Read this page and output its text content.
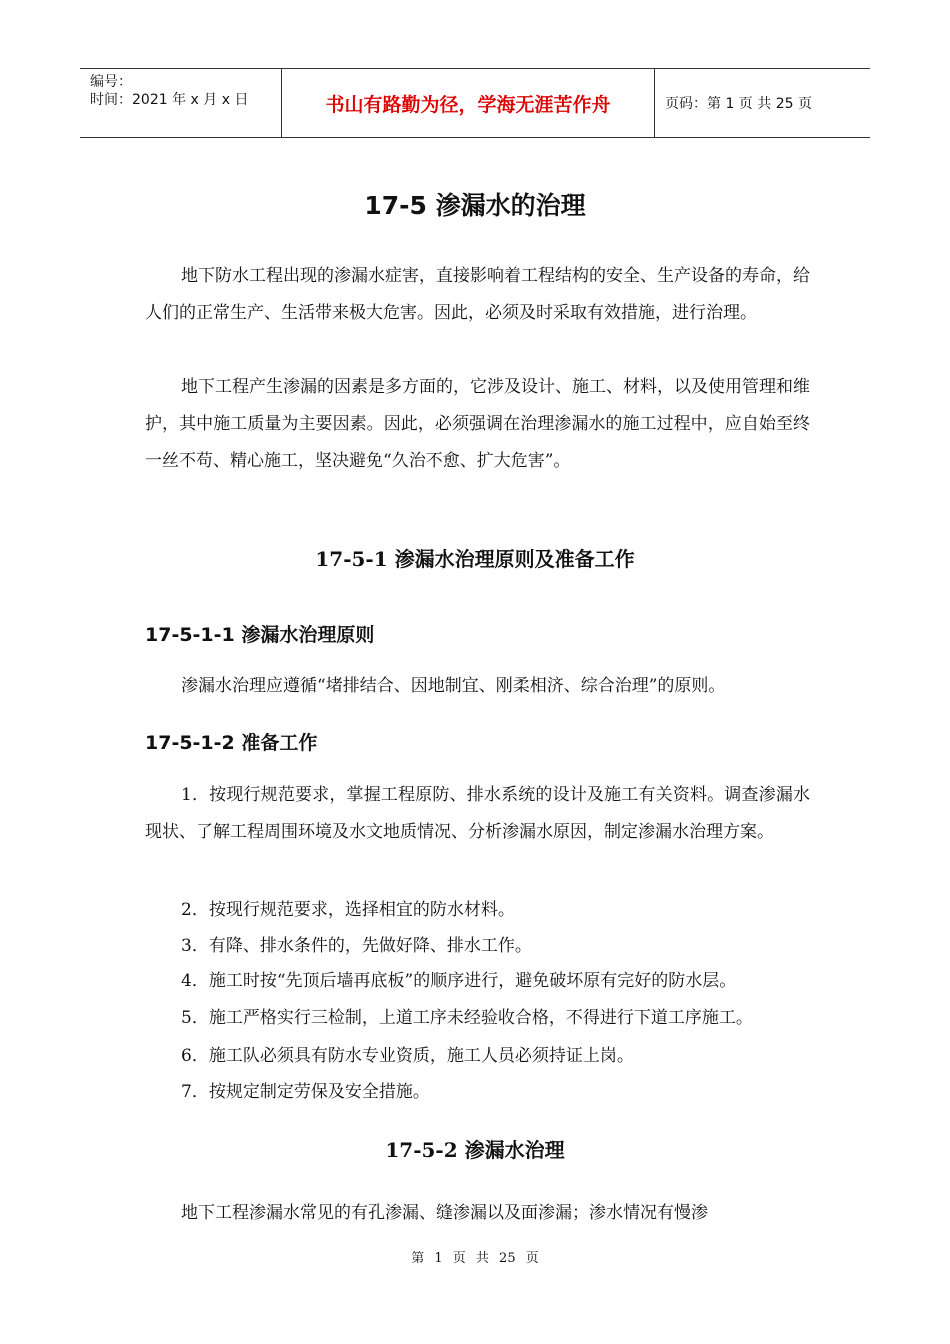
编号：
时间：2021 年 x 月 x 日	书山有路勤为径，学海无涯苦作舟	页码：第 1 页 共 25 页
17-5 渗漏水的治理

地下防水工程出现的渗漏水症害，直接影响着工程结构的安全、生产设备的寿命，给人们的正常生产、生活带来极大危害。因此，必须及时采取有效措施，进行治理。

地下工程产生渗漏的因素是多方面的，它涉及设计、施工、材料，以及使用管理和维护，其中施工质量为主要因素。因此，必须强调在治理渗漏水的施工过程中，应自始至终一丝不苟、精心施工，坚决避免“久治不愈、扩大危害”。

17-5-1 渗漏水治理原则及准备工作
17-5-1-1 渗漏水治理原则

渗漏水治理应遵循“堵排结合、因地制宜、刚柔相济、综合治理”的原则。

17-5-1-2 准备工作

1．按现行规范要求，掌握工程原防、排水系统的设计及施工有关资料。调查渗漏水现状、了解工程周围环境及水文地质情况、分析渗漏水原因，制定渗漏水治理方案。

2．按现行规范要求，选择相宜的防水材料。
3．有降、排水条件的，先做好降、排水工作。
4．施工时按“先顶后墙再底板”的顺序进行，避免破坏原有完好的防水层。
5．施工严格实行三检制，上道工序未经验收合格，不得进行下道工序施工。
6．施工队必须具有防水专业资质，施工人员必须持证上岗。
7．按规定制定劳保及安全措施。
17-5-2 渗漏水治理
地下工程渗漏水常见的有孔渗漏、缝渗漏以及面渗漏；渗水情况有慢渗
第 1 页 共 25 页
